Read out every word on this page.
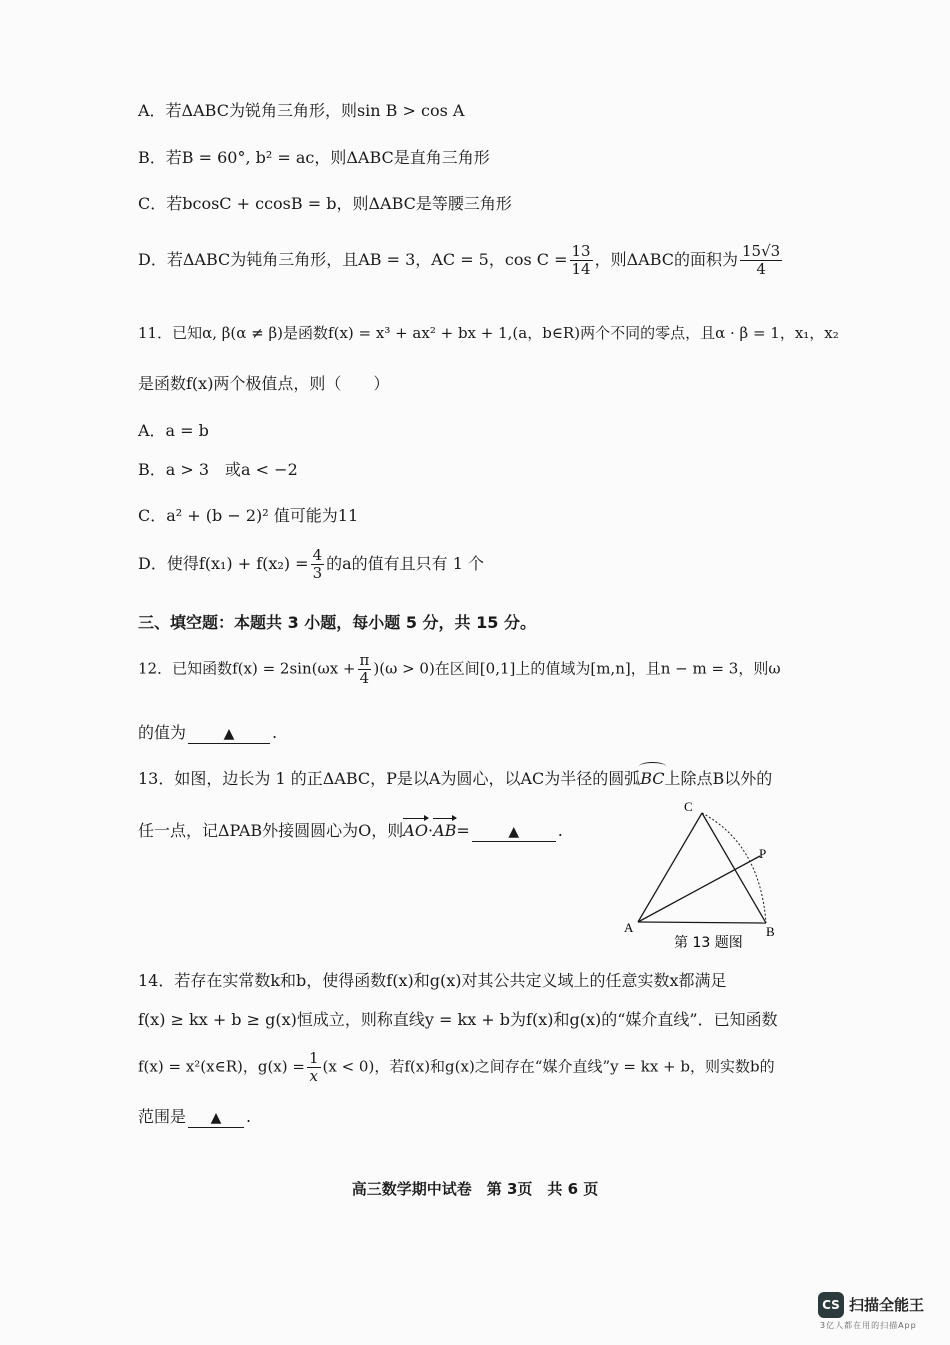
A．若ΔABC为锐角三角形，则sin B > cos A
B．若B = 60°, b² = ac，则ΔABC是直角三角形
C．若bcosC + ccosB = b，则ΔABC是等腰三角形
D．若ΔABC为钝角三角形，且AB = 3，AC = 5，$\cos C = \frac{13}{14}$ ，则ΔABC的面积为 $\frac{15√3}{4}$
11．已知α, β(α ≠ β)是函数f(x) = x³ + ax² + bx + 1,(a，b∈R)两个不同的零点，且α · β = 1，x₁，x₂
是函数f(x)两个极值点，则（　　）
A．a = b
B．a > 3　或a < −2
C．a² + (b − 2)² 值可能为11
D．使得$f(x_1) + f(x_2) = \frac{4}{3}$ 的a的值有且只有 1 个
三、填空题：本题共 3 小题，每小题 5 分，共 15 分。
12．已知函数$f(x) = 2\sin(\omega x + \frac{\pi}{4} )(\omega > 0)$在区间[0,1]上的值域为[m,n]，且n − m = 3，则ω
的值为	▲ .
13．如图，边长为 1 的正ΔABC，P是以A为圆心，以AC为半径的圆弧BC上除点B以外的
任一点，记ΔPAB外接圆圆心为O，则AO·AB=	▲ .
C
P
A	B
第 13 题图
14．若存在实常数k和b，使得函数f(x)和g(x)对其公共定义域上的任意实数x都满足
f(x) ≥ kx + b ≥ g(x)恒成立，则称直线y = kx + b为f(x)和g(x)的“媒介直线”．已知函数
f(x) = x²(x∈R)，$g(x) = \frac{1}{x} (x < 0)$，若f(x)和g(x)之间存在“媒介直线”y = kx + b，则实数b的
范围是 ▲ .
高三数学期中试卷　第 3页　共 6 页
CS 扫描全能王
3亿人都在用的扫描App
